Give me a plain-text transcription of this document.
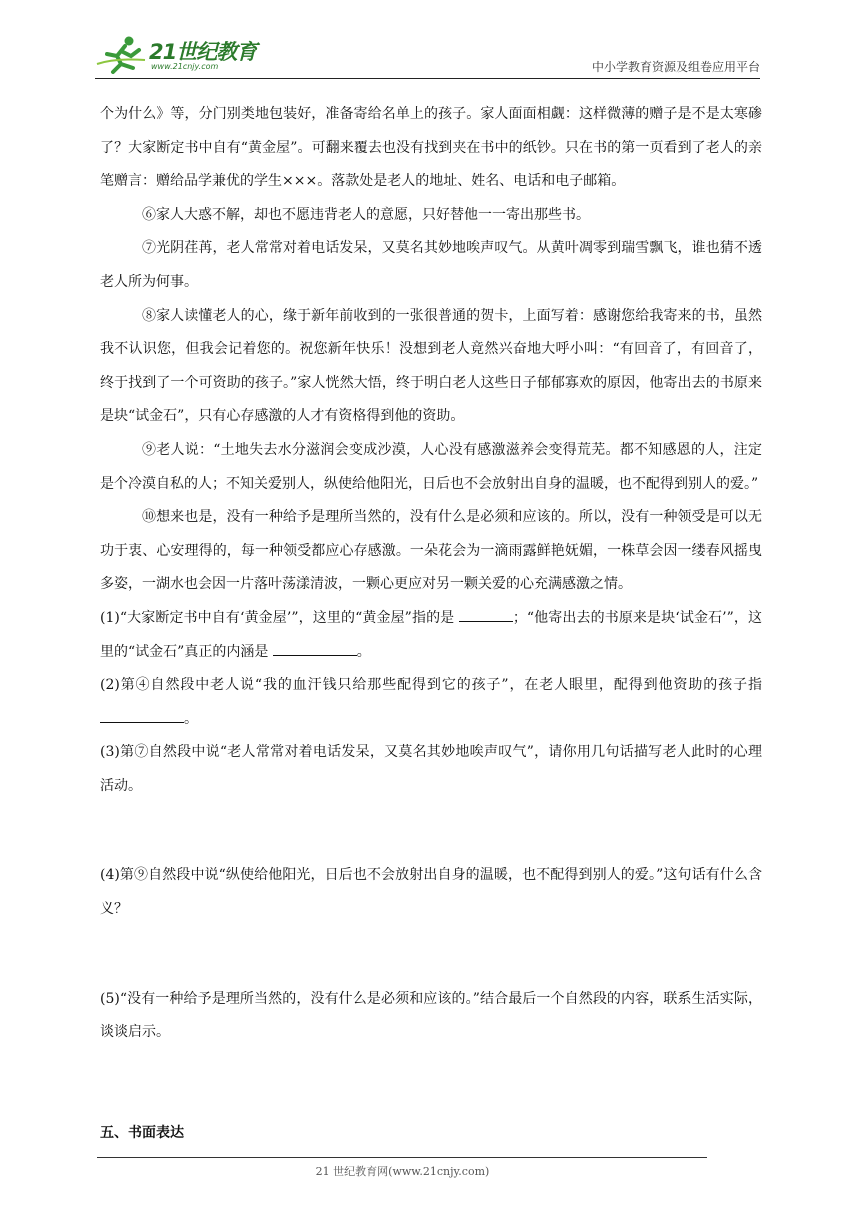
21世纪教育
www.21cnjy.com	中小学教育资源及组卷应用平台

个为什么》等，分门别类地包装好，准备寄给名单上的孩子。家人面面相觑：这样微薄的赠子是不是太寒碜了？大家断定书中自有“黄金屋”。可翻来覆去也没有找到夹在书中的纸钞。只在书的第一页看到了老人的亲笔赠言：赠给品学兼优的学生×××。落款处是老人的地址、姓名、电话和电子邮箱。

⑥家人大惑不解，却也不愿违背老人的意愿，只好替他一一寄出那些书。

⑦光阴荏苒，老人常常对着电话发呆，又莫名其妙地唉声叹气。从黄叶凋零到瑞雪飘飞，谁也猜不透老人所为何事。

⑧家人读懂老人的心，缘于新年前收到的一张很普通的贺卡，上面写着：感谢您给我寄来的书，虽然我不认识您，但我会记着您的。祝您新年快乐！没想到老人竟然兴奋地大呼小叫：“有回音了，有回音了，终于找到了一个可资助的孩子。”家人恍然大悟，终于明白老人这些日子郁郁寡欢的原因，他寄出去的书原来是块“试金石”，只有心存感激的人才有资格得到他的资助。

⑨老人说：“土地失去水分滋润会变成沙漠，人心没有感激滋养会变得荒芜。都不知感恩的人，注定是个冷漠自私的人；不知关爱别人，纵使给他阳光，日后也不会放射出自身的温暖，也不配得到别人的爱。”

⑩想来也是，没有一种给予是理所当然的，没有什么是必须和应该的。所以，没有一种领受是可以无功于衷、心安理得的，每一种领受都应心存感激。一朵花会为一滴雨露鲜艳妩媚，一株草会因一缕春风摇曳多姿，一湖水也会因一片落叶荡漾清波，一颗心更应对另一颗关爱的心充满感激之情。

(1)“大家断定书中自有‘黄金屋’”，这里的“黄金屋”指的是	；“他寄出去的书原来是块‘试金石’”，这里的“试金石”真正的内涵是	。

(2)第④自然段中老人说“我的血汗钱只给那些配得到它的孩子”，在老人眼里，配得到他资助的孩子指。

(3)第⑦自然段中说“老人常常对着电话发呆，又莫名其妙地唉声叹气”，请你用几句话描写老人此时的心理活动。

(4)第⑨自然段中说“纵使给他阳光，日后也不会放射出自身的温暖，也不配得到别人的爱。”这句话有什么含义？

(5)“没有一种给予是理所当然的，没有什么是必须和应该的。”结合最后一个自然段的内容，联系生活实际，谈谈启示。

五、书面表达
21 世纪教育网(www.21cnjy.com)
